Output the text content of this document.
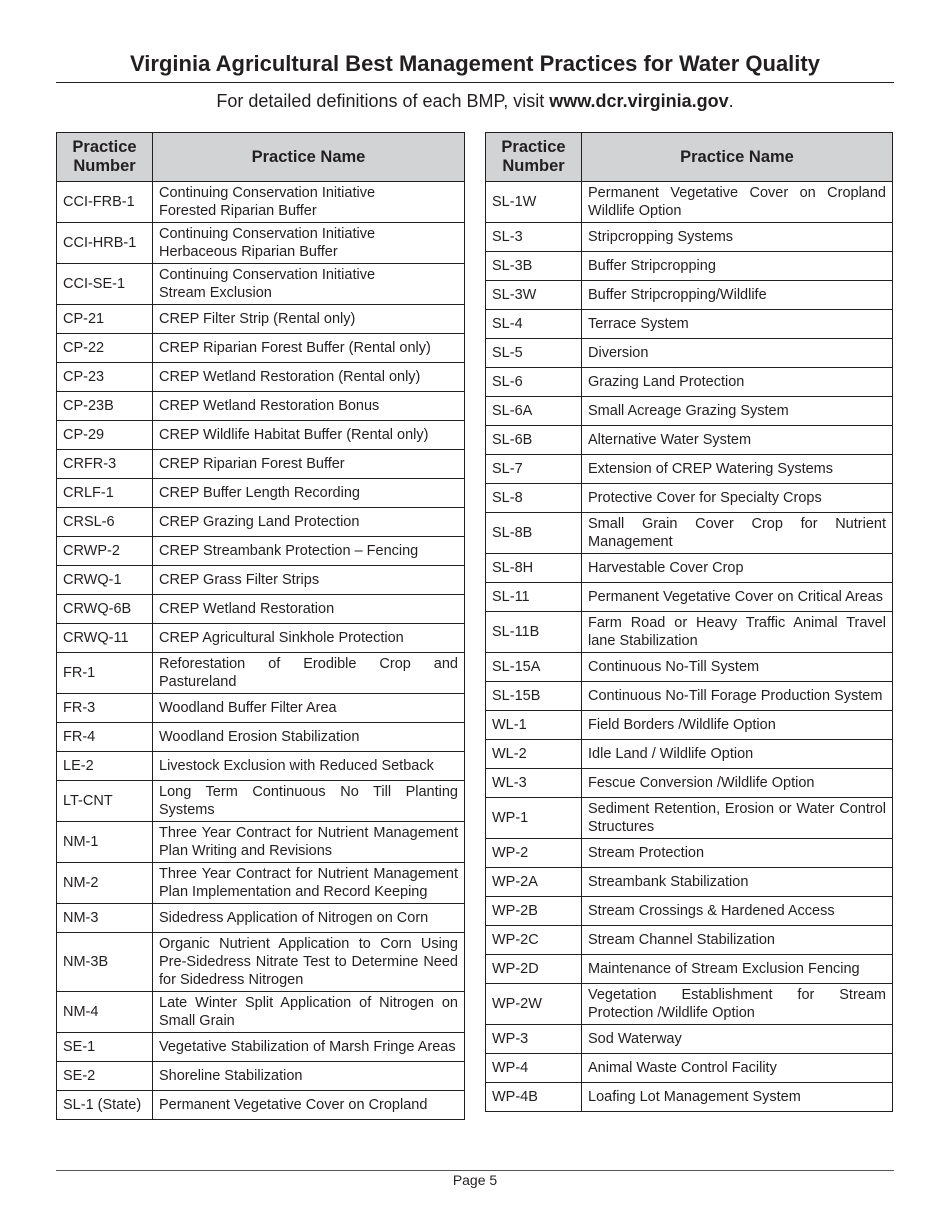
Virginia Agricultural Best Management Practices for Water Quality
For detailed definitions of each BMP, visit www.dcr.virginia.gov.
Practice
Number	Practice Name
CCI-FRB-1	Continuing Conservation Initiative
Forested Riparian Buffer
CCI-HRB-1	Continuing Conservation Initiative
Herbaceous Riparian Buffer
CCI-SE-1	Continuing Conservation Initiative
Stream Exclusion
CP-21	CREP Filter Strip (Rental only)
CP-22	CREP Riparian Forest Buffer (Rental only)
CP-23	CREP Wetland Restoration (Rental only)
CP-23B	CREP Wetland Restoration Bonus
CP-29	CREP Wildlife Habitat Buffer (Rental only)
CRFR-3	CREP Riparian Forest Buffer
CRLF-1	CREP Buffer Length Recording
CRSL-6	CREP Grazing Land Protection
CRWP-2	CREP Streambank Protection – Fencing
CRWQ-1	CREP Grass Filter Strips
CRWQ-6B	CREP Wetland Restoration
CRWQ-11	CREP Agricultural Sinkhole Protection
FR-1	Reforestation of Erodible Crop and Pastureland
FR-3	Woodland Buffer Filter Area
FR-4	Woodland Erosion Stabilization
LE-2	Livestock Exclusion with Reduced Setback
LT-CNT	Long Term Continuous No Till Planting Systems
NM-1	Three Year Contract for Nutrient Management Plan Writing and Revisions
NM-2	Three Year Contract for Nutrient Management Plan Implementation and Record Keeping
NM-3	Sidedress Application of Nitrogen on Corn
NM-3B	Organic Nutrient Application to Corn Using Pre-Sidedress Nitrate Test to Determine Need for Sidedress Nitrogen
NM-4	Late Winter Split Application of Nitrogen on Small Grain
SE-1	Vegetative Stabilization of Marsh Fringe Areas
SE-2	Shoreline Stabilization
SL-1 (State)	Permanent Vegetative Cover on Cropland
Practice
Number	Practice Name
SL-1W	Permanent Vegetative Cover on Cropland Wildlife Option
SL-3	Stripcropping Systems
SL-3B	Buffer Stripcropping
SL-3W	Buffer Stripcropping/Wildlife
SL-4	Terrace System
SL-5	Diversion
SL-6	Grazing Land Protection
SL-6A	Small Acreage Grazing System
SL-6B	Alternative Water System
SL-7	Extension of CREP Watering Systems
SL-8	Protective Cover for Specialty Crops
SL-8B	Small Grain Cover Crop for Nutrient Management
SL-8H	Harvestable Cover Crop
SL-11	Permanent Vegetative Cover on Critical Areas
SL-11B	Farm Road or Heavy Traffic Animal Travel lane Stabilization
SL-15A	Continuous No-Till System
SL-15B	Continuous No-Till Forage Production System
WL-1	Field Borders /Wildlife Option
WL-2	Idle Land / Wildlife Option
WL-3	Fescue Conversion /Wildlife Option
WP-1	Sediment Retention, Erosion or Water Control Structures
WP-2	Stream Protection
WP-2A	Streambank Stabilization
WP-2B	Stream Crossings & Hardened Access
WP-2C	Stream Channel Stabilization
WP-2D	Maintenance of Stream Exclusion Fencing
WP-2W	Vegetation Establishment for Stream Protection /Wildlife Option
WP-3	Sod Waterway
WP-4	Animal Waste Control Facility
WP-4B	Loafing Lot Management System
Page 5
